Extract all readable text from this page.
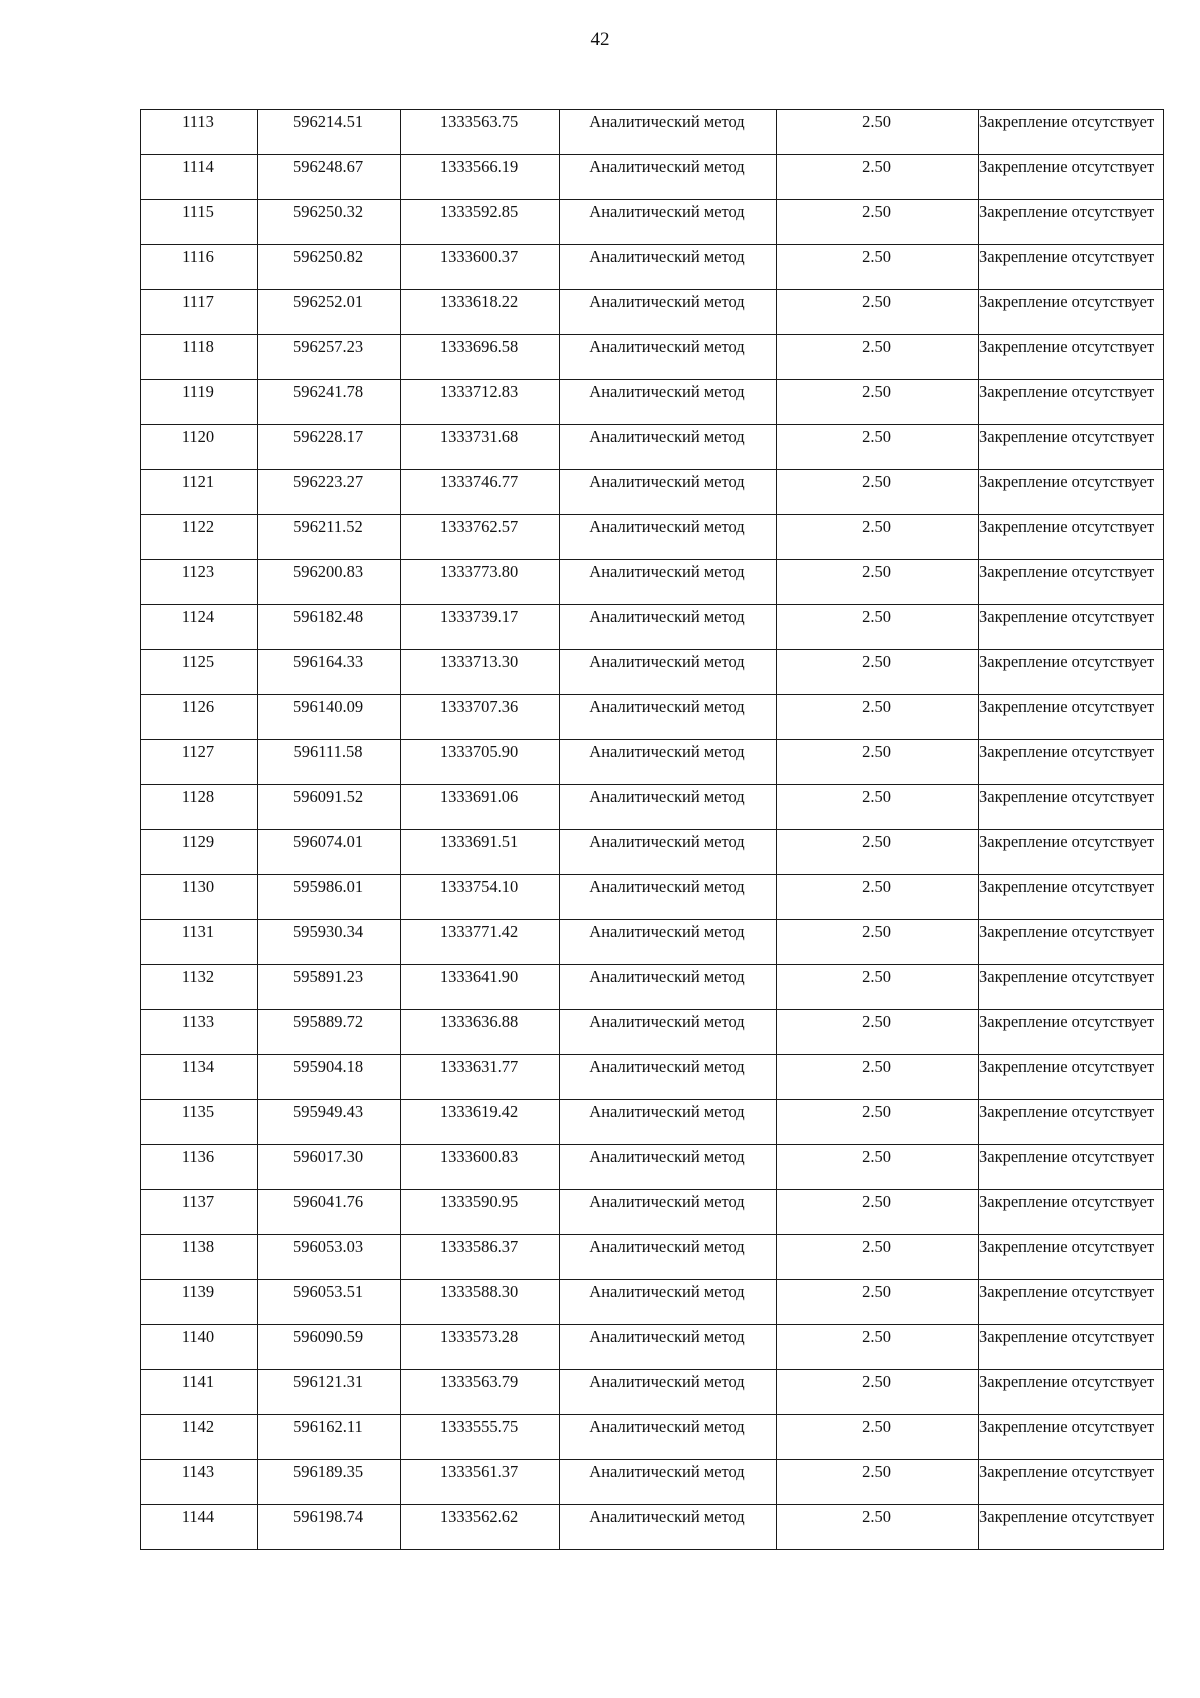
42
1113	596214.51	1333563.75	Аналитический метод	2.50	Закрепление отсутствует

1114	596248.67	1333566.19	Аналитический метод	2.50	Закрепление отсутствует

1115	596250.32	1333592.85	Аналитический метод	2.50	Закрепление отсутствует

1116	596250.82	1333600.37	Аналитический метод	2.50	Закрепление отсутствует

1117	596252.01	1333618.22	Аналитический метод	2.50	Закрепление отсутствует

1118	596257.23	1333696.58	Аналитический метод	2.50	Закрепление отсутствует

1119	596241.78	1333712.83	Аналитический метод	2.50	Закрепление отсутствует

1120	596228.17	1333731.68	Аналитический метод	2.50	Закрепление отсутствует

1121	596223.27	1333746.77	Аналитический метод	2.50	Закрепление отсутствует

1122	596211.52	1333762.57	Аналитический метод	2.50	Закрепление отсутствует

1123	596200.83	1333773.80	Аналитический метод	2.50	Закрепление отсутствует

1124	596182.48	1333739.17	Аналитический метод	2.50	Закрепление отсутствует

1125	596164.33	1333713.30	Аналитический метод	2.50	Закрепление отсутствует

1126	596140.09	1333707.36	Аналитический метод	2.50	Закрепление отсутствует

1127	596111.58	1333705.90	Аналитический метод	2.50	Закрепление отсутствует

1128	596091.52	1333691.06	Аналитический метод	2.50	Закрепление отсутствует

1129	596074.01	1333691.51	Аналитический метод	2.50	Закрепление отсутствует

1130	595986.01	1333754.10	Аналитический метод	2.50	Закрепление отсутствует

1131	595930.34	1333771.42	Аналитический метод	2.50	Закрепление отсутствует

1132	595891.23	1333641.90	Аналитический метод	2.50	Закрепление отсутствует

1133	595889.72	1333636.88	Аналитический метод	2.50	Закрепление отсутствует

1134	595904.18	1333631.77	Аналитический метод	2.50	Закрепление отсутствует

1135	595949.43	1333619.42	Аналитический метод	2.50	Закрепление отсутствует

1136	596017.30	1333600.83	Аналитический метод	2.50	Закрепление отсутствует

1137	596041.76	1333590.95	Аналитический метод	2.50	Закрепление отсутствует

1138	596053.03	1333586.37	Аналитический метод	2.50	Закрепление отсутствует

1139	596053.51	1333588.30	Аналитический метод	2.50	Закрепление отсутствует

1140	596090.59	1333573.28	Аналитический метод	2.50	Закрепление отсутствует

1141	596121.31	1333563.79	Аналитический метод	2.50	Закрепление отсутствует

1142	596162.11	1333555.75	Аналитический метод	2.50	Закрепление отсутствует

1143	596189.35	1333561.37	Аналитический метод	2.50	Закрепление отсутствует

1144	596198.74	1333562.62	Аналитический метод	2.50	Закрепление отсутствует
